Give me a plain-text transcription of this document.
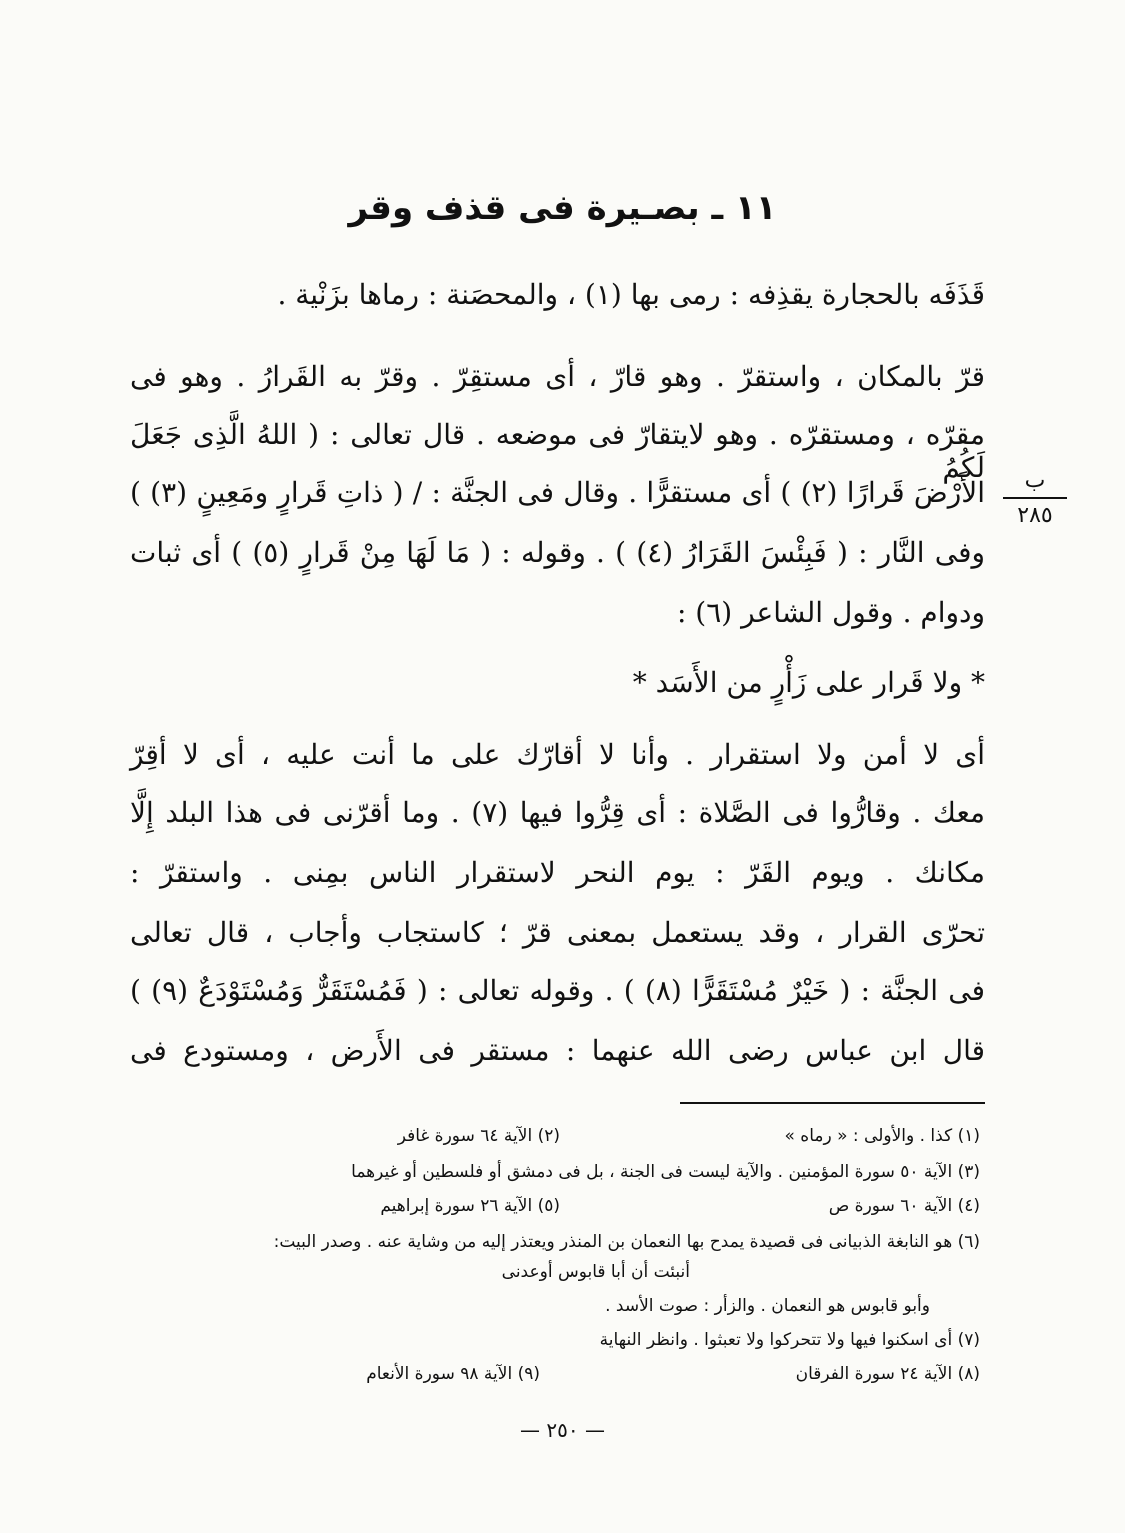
١١ ـ بصـيرة فى قذف وقر
ب
٢٨٥
قَذَفَه بالحجارة يقذِفه : رمى بها (١) ، والمحصَنة : رماها بزَنْية .
قرّ بالمكان ، واستقرّ . وهو قارّ ، أى مستقِرّ . وقرّ به القَرارُ . وهو فى
مقرّه ، ومستقرّه . وهو لايتقارّ فى موضعه . قال تعالى : ( اللهُ الَّذِى جَعَلَ لَكُمُ
الأَرْضَ قَرارًا (٢) ) أى مستقرًّا . وقال فى الجنَّة : / ( ذاتِ قَرارٍ ومَعِينٍ (٣) )
وفى النَّار : ( فَبِئْسَ القَرَارُ (٤) ) . وقوله : ( مَا لَهَا مِنْ قَرارٍ (٥) ) أى ثبات
ودوام . وقول الشاعر (٦) :
* ولا قَرار على زَأْرٍ من الأَسَد *
أى لا أمن ولا استقرار . وأنا لا أقارّك على ما أنت عليه ، أى لا أقِرّ
معك . وقارُّوا فى الصَّلاة : أى قِرُّوا فيها (٧) . وما أقرّنى فى هذا البلد إِلَّا
مكانك . ويوم القَرّ : يوم النحر لاستقرار الناس بمِنى . واستقرّ :
تحرّى القرار ، وقد يستعمل بمعنى قرّ ؛ كاستجاب وأجاب ، قال تعالى
فى الجنَّة : ( خَيْرٌ مُسْتَقَرًّا (٨) ) . وقوله تعالى : ( فَمُسْتَقَرٌّ وَمُسْتَوْدَعٌ (٩) )
قال ابن عباس رضى الله عنهما : مستقر فى الأَرض ، ومستودع فى
(١) كذا . والأولى : « رماه »
(٢) الآية ٦٤ سورة غافر
(٣) الآية ٥٠ سورة المؤمنين . والآية ليست فى الجنة ، بل فى دمشق أو فلسطين أو غيرهما
(٤) الآية ٦٠ سورة ص
(٥) الآية ٢٦ سورة إبراهيم
(٦) هو النابغة الذبيانى فى قصيدة يمدح بها النعمان بن المنذر ويعتذر إليه من وشاية عنه . وصدر البيت:
أنبئت أن أبا قابوس أوعدنى
وأبو قابوس هو النعمان . والزأر : صوت الأسد .
(٧) أى اسكنوا فيها ولا تتحركوا ولا تعبثوا . وانظر النهاية
(٨) الآية ٢٤ سورة الفرقان
(٩) الآية ٩٨ سورة الأنعام
— ٢٥٠ —
